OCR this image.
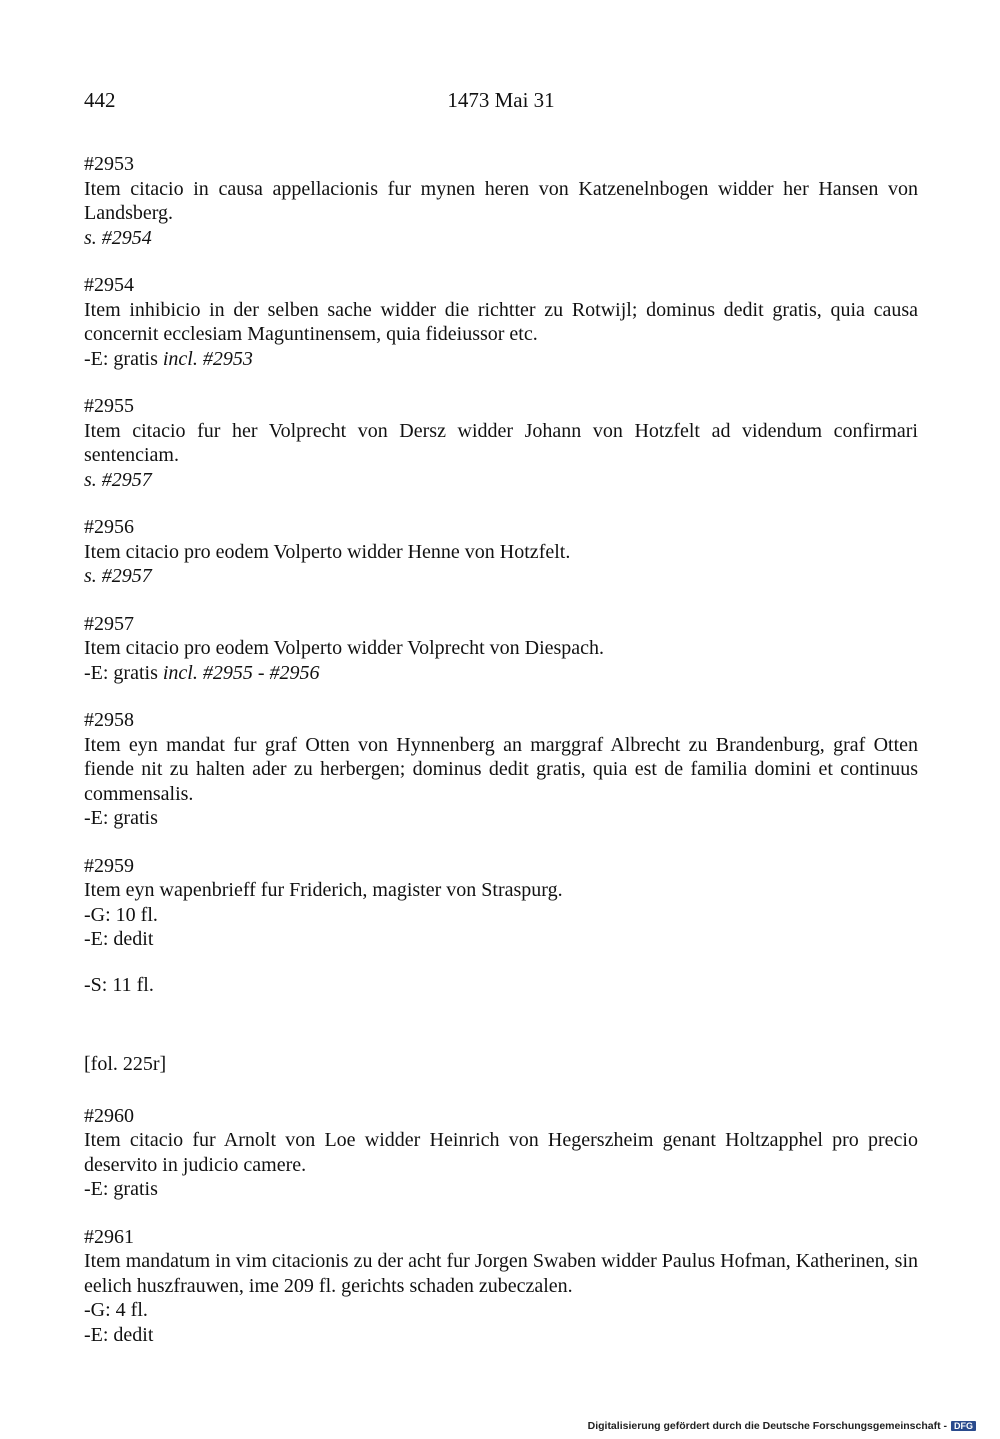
442	1473 Mai 31
#2953
Item citacio in causa appellacionis fur mynen heren von Katzenelnbogen widder her Hansen von Landsberg.
s. #2954
#2954
Item inhibicio in der selben sache widder die richtter zu Rotwijl; dominus dedit gratis, quia causa concernit ecclesiam Maguntinensem, quia fideiussor etc.
-E: gratis incl. #2953
#2955
Item citacio fur her Volprecht von Dersz widder Johann von Hotzfelt ad videndum confirmari sentenciam.
s. #2957
#2956
Item citacio pro eodem Volperto widder Henne von Hotzfelt.
s. #2957
#2957
Item citacio pro eodem Volperto widder Volprecht von Diespach.
-E: gratis incl. #2955 - #2956
#2958
Item eyn mandat fur graf Otten von Hynnenberg an marggraf Albrecht zu Brandenburg, graf Otten fiende nit zu halten ader zu herbergen; dominus dedit gratis, quia est de familia domini et continuus commensalis.
-E: gratis
#2959
Item eyn wapenbrieff fur Friderich, magister von Straspurg.
-G: 10 fl.
-E: dedit
-S: 11 fl.
[fol. 225r]
#2960
Item citacio fur Arnolt von Loe widder Heinrich von Hegerszheim genant Holtzapphel pro precio deservito in judicio camere.
-E: gratis
#2961
Item mandatum in vim citacionis zu der acht fur Jorgen Swaben widder Paulus Hofman, Katherinen, sin eelich huszfrauwen, ime 209 fl. gerichts schaden zubeczalen.
-G: 4 fl.
-E: dedit
Digitalisierung gefördert durch die Deutsche Forschungsgemeinschaft - DFG
